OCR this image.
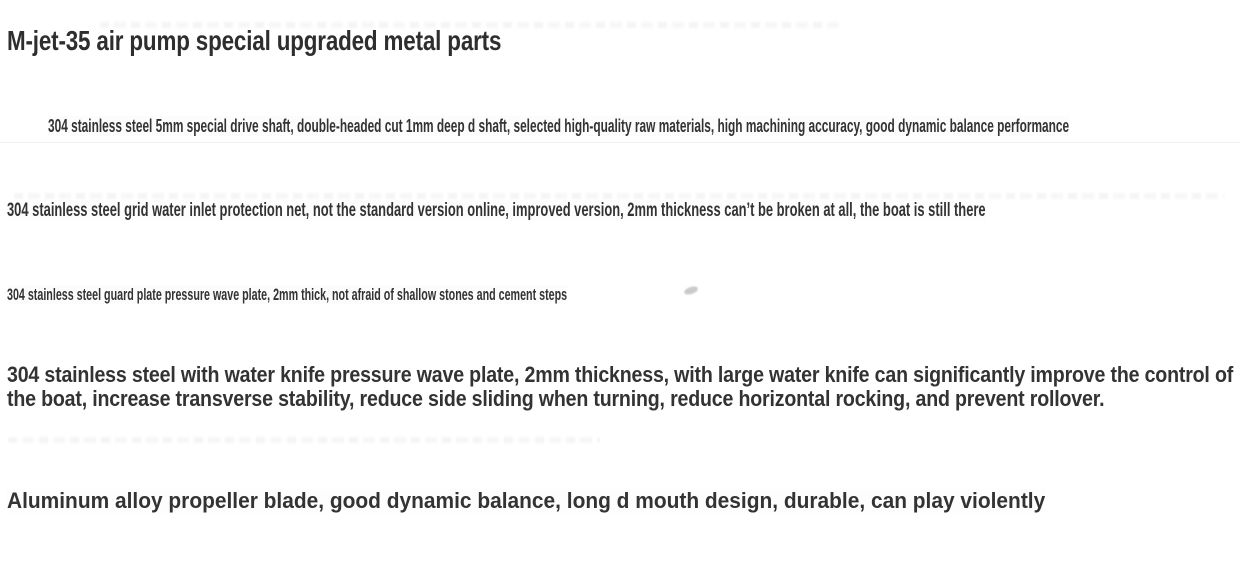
M-jet-35 air pump special upgraded metal parts

304 stainless steel 5mm special drive shaft, double-headed cut 1mm deep d shaft, selected high-quality raw materials, high machining accuracy, good dynamic balance performance

304 stainless steel grid water inlet protection net, not the standard version online, improved version, 2mm thickness can’t be broken at all, the boat is still there

304 stainless steel guard plate pressure wave plate, 2mm thick, not afraid of shallow stones and cement steps

304 stainless steel with water knife pressure wave plate, 2mm thickness, with large water knife can significantly improve the control of the boat, increase transverse stability, reduce side sliding when turning, reduce horizontal rocking, and prevent rollover.

Aluminum alloy propeller blade, good dynamic balance, long d mouth design, durable, can play violently
